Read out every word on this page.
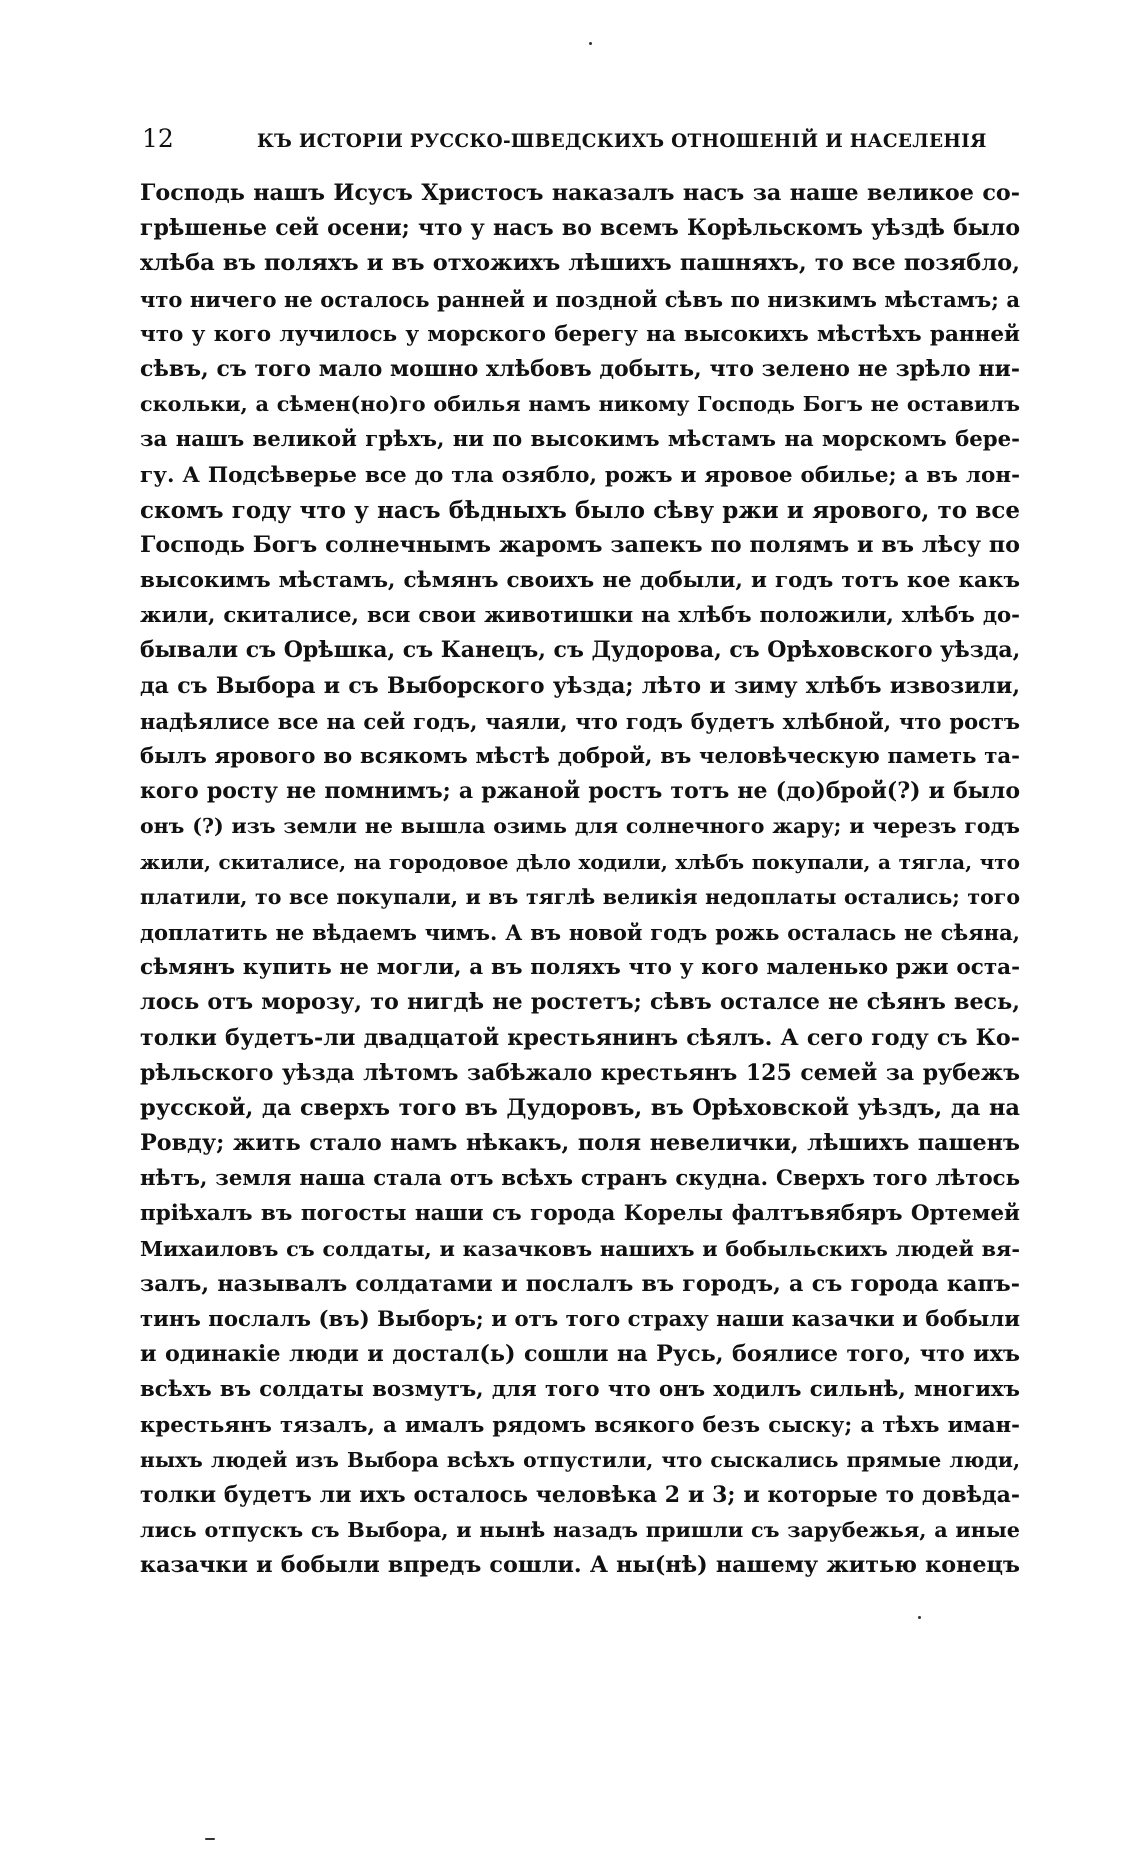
12	КЪ ИСТОРІИ РУССКО-ШВЕДСКИХЪ ОТНОШЕНІЙ И НАСЕЛЕНІЯ
Господь нашъ Исусъ Христосъ наказалъ насъ за наше великое со-
грѣшенье сей осени; что у насъ во всемъ Корѣльскомъ уѣздѣ было
хлѣба въ поляхъ и въ отхожихъ лѣшихъ пашняхъ, то все позябло,
что ничего не осталось ранней и поздной сѣвъ по низкимъ мѣстамъ; а
что у кого лучилось у морского берегу на высокихъ мѣстѣхъ ранней
сѣвъ, съ того мало мошно хлѣбовъ добыть, что зелено не зрѣло ни-
скольки, а сѣмен(но)го обилья намъ никому Господь Богъ не оставилъ
за нашъ великой грѣхъ, ни по высокимъ мѣстамъ на морскомъ бере-
гу. А Подсѣверье все до тла озябло, рожъ и яровое обилье; а въ лон-
скомъ году что у насъ бѣдныхъ было сѣву ржи и ярового, то все
Господь Богъ солнечнымъ жаромъ запекъ по полямъ и въ лѣсу по
высокимъ мѣстамъ, сѣмянъ своихъ не добыли, и годъ тотъ кое какъ
жили, скиталисе, вси свои животишки на хлѣбъ положили, хлѣбъ до-
бывали съ Орѣшка, съ Канецъ, съ Дудорова, съ Орѣховского уѣзда,
да съ Выбора и съ Выборского уѣзда; лѣто и зиму хлѣбъ извозили,
надѣялисе все на сей годъ, чаяли, что годъ будетъ хлѣбной, что ростъ
былъ ярового во всякомъ мѣстѣ доброй, въ человѣческую паметь та-
кого росту не помнимъ; а ржаной ростъ тотъ не (до)брой(?) и было
онъ (?) изъ земли не вышла озимь для солнечного жару; и черезъ годъ
жили, скиталисе, на городовое дѣло ходили, хлѣбъ покупали, а тягла, что
платили, то все покупали, и въ тяглѣ великія недоплаты остались; того
доплатить не вѣдаемъ чимъ. А въ новой годъ рожь осталась не сѣяна,
сѣмянъ купить не могли, а въ поляхъ что у кого маленько ржи оста-
лось отъ морозу, то нигдѣ не ростетъ; сѣвъ осталсе не сѣянъ весь,
толки будетъ-ли двадцатой крестьянинъ сѣялъ. А сего году съ Ко-
рѣльского уѣзда лѣтомъ забѣжало крестьянъ 125 семей за рубежъ
русской, да сверхъ того въ Дудоровъ, въ Орѣховской уѣздъ, да на
Ровду; жить стало намъ нѣкакъ, поля невелички, лѣшихъ пашенъ
нѣтъ, земля наша стала отъ всѣхъ странъ скудна. Сверхъ того лѣтось
пріѣхалъ въ погосты наши съ города Корелы фалтъвябяръ Ортемей
Михаиловъ съ солдаты, и казачковъ нашихъ и бобыльскихъ людей вя-
залъ, называлъ солдатами и послалъ въ городъ, а съ города капъ-
тинъ послалъ (въ) Выборъ; и отъ того страху наши казачки и бобыли
и одинакіе люди и достал(ь) сошли на Русь, боялисе того, что ихъ
всѣхъ въ солдаты возмутъ, для того что онъ ходилъ сильнѣ, многихъ
крестьянъ тязалъ, а ималъ рядомъ всякого безъ сыску; а тѣхъ иман-
ныхъ людей изъ Выбора всѣхъ отпустили, что сыскались прямые люди,
толки будетъ ли ихъ осталось человѣка 2 и 3; и которые то довѣда-
лись отпускъ съ Выбора, и нынѣ назадъ пришли съ зарубежья, а иные
казачки и бобыли впредъ сошли. А ны(нѣ) нашему житью конецъ
